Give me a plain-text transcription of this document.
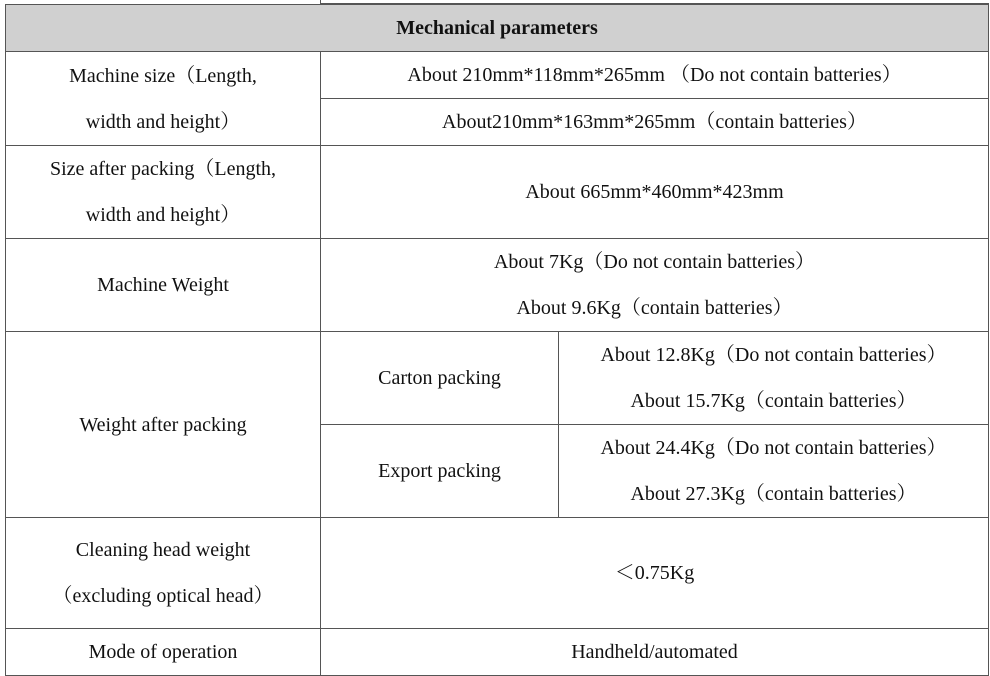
Mechanical parameters		

Machine size（Length,
width and height）	About 210mm*118mm*265mm （Do not contain batteries）	
	About210mm*163mm*265mm（contain batteries）	

Size after packing（Length,
width and height）	About 665mm*460mm*423mm	
Machine Weight	About 7Kg（Do not contain batteries）
About 9.6Kg（contain batteries）	

Weight after packing	Carton packing	About 12.8Kg（Do not contain batteries）
About 15.7Kg（contain batteries）

	Export packing	About 24.4Kg（Do not contain batteries）
About 27.3Kg（contain batteries）

Cleaning head weight
（excluding optical head）	＜0.75Kg	
Mode of operation	Handheld/automated	
